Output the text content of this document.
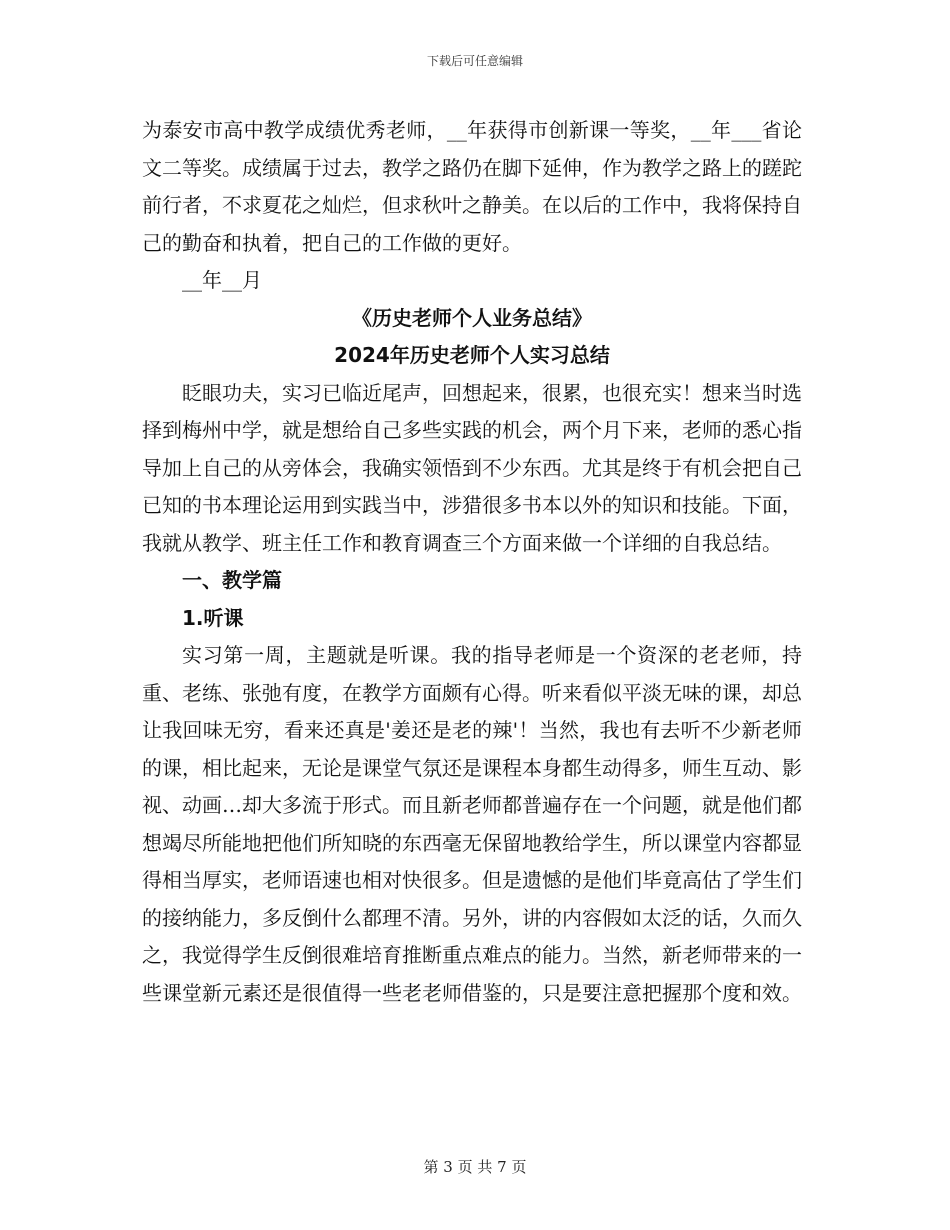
下载后可任意编辑

为泰安市高中教学成绩优秀老师，__年获得市创新课一等奖，__年___省论文二等奖。成绩属于过去，教学之路仍在脚下延伸，作为教学之路上的蹉跎前行者，不求夏花之灿烂，但求秋叶之静美。在以后的工作中，我将保持自己的勤奋和执着，把自己的工作做的更好。

__年__月

《历史老师个人业务总结》

2024年历史老师个人实习总结

眨眼功夫，实习已临近尾声，回想起来，很累，也很充实！想来当时选择到梅州中学，就是想给自己多些实践的机会，两个月下来，老师的悉心指导加上自己的从旁体会，我确实领悟到不少东西。尤其是终于有机会把自己已知的书本理论运用到实践当中，涉猎很多书本以外的知识和技能。下面，我就从教学、班主任工作和教育调查三个方面来做一个详细的自我总结。

一、教学篇

1.听课

实习第一周，主题就是听课。我的指导老师是一个资深的老老师，持重、老练、张弛有度，在教学方面颇有心得。听来看似平淡无味的课，却总让我回味无穷，看来还真是'姜还是老的辣'！当然，我也有去听不少新老师的课，相比起来，无论是课堂气氛还是课程本身都生动得多，师生互动、影视、动画…却大多流于形式。而且新老师都普遍存在一个问题，就是他们都想竭尽所能地把他们所知晓的东西毫无保留地教给学生，所以课堂内容都显得相当厚实，老师语速也相对快很多。但是遗憾的是他们毕竟高估了学生们的接纳能力，多反倒什么都理不清。另外，讲的内容假如太泛的话，久而久之，我觉得学生反倒很难培育推断重点难点的能力。当然，新老师带来的一些课堂新元素还是很值得一些老老师借鉴的，只是要注意把握那个度和效。

第 3 页 共 7 页
